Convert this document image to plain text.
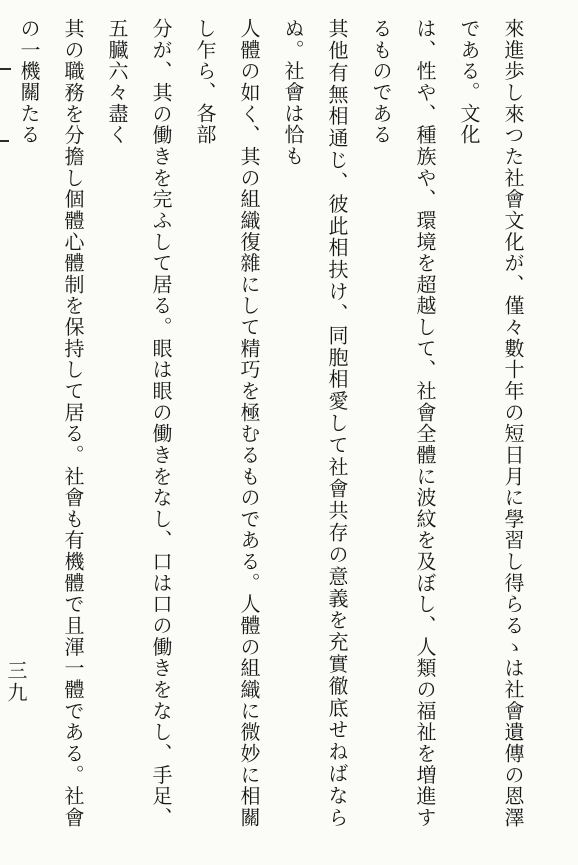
來進歩し來つた社會文化が、僅々數十年の短日月に學習し得らるゝは社會遺傳の恩澤である。文化

は、性や、種族や、環境を超越して、社會全體に波紋を及ぼし、人類の福祉を増進するものである

其他有無相通じ、彼此相扶け、同胞相愛して社會共存の意義を充實徹底せねばならぬ。社會は恰も

人體の如く、其の組織復雜にして精巧を極むるものである。人體の組織に微妙に相關し乍ら、各部

分が、其の働きを完ふして居る。眼は眼の働きをなし、口は口の働きをなし、手足、五臓六々盡く

其の職務を分擔し個體心體制を保持して居る。社會も有機體で且渾一體である。社會の一機關たる

三九
